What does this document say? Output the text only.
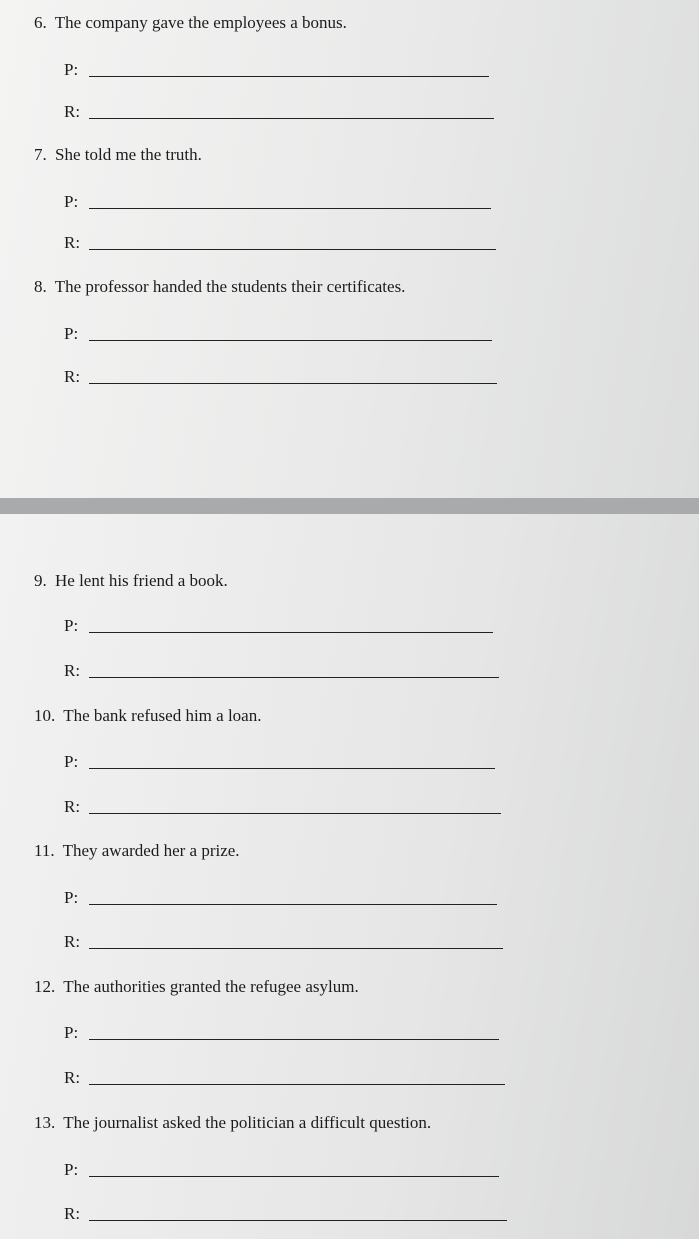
6. The company gave the employees a bonus.
P:
R:
7. She told me the truth.
P:
R:
8. The professor handed the students their certificates.
P:
R:
9. He lent his friend a book.
P:
R:
10. The bank refused him a loan.
P:
R:
11. They awarded her a prize.
P:
R:
12. The authorities granted the refugee asylum.
P:
R:
13. The journalist asked the politician a difficult question.
P:
R:
